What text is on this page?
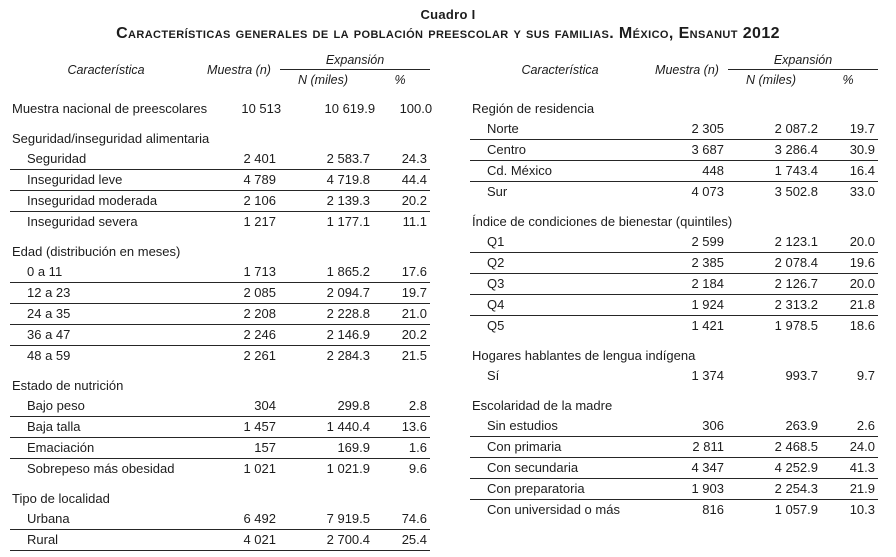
Cuadro I
Características generales de la población preescolar y sus familias. México, Ensanut 2012
Característica	Muestra (n)
Expansión
N (miles)	%
Muestra nacional de preescolares	10 513	10 619.9	100.0
Seguridad/inseguridad alimentaria
Seguridad	2 401	2 583.7	24.3
Inseguridad leve	4 789	4 719.8	44.4
Inseguridad moderada	2 106	2 139.3	20.2
Inseguridad severa	1 217	1 177.1	11.1
Edad (distribución en meses)
0 a 11	1 713	1 865.2	17.6
12 a 23	2 085	2 094.7	19.7
24 a 35	2 208	2 228.8	21.0
36 a 47	2 246	2 146.9	20.2
48 a 59	2 261	2 284.3	21.5
Estado de nutrición
Bajo peso	304	299.8	2.8
Baja talla	1 457	1 440.4	13.6
Emaciación	157	169.9	1.6
Sobrepeso más obesidad	1 021	1 021.9	9.6
Tipo de localidad
Urbana	6 492	7 919.5	74.6
Rural	4 021	2 700.4	25.4
Característica	Muestra (n)
Expansión
N (miles)	%
Región de residencia
Norte	2 305	2 087.2	19.7
Centro	3 687	3 286.4	30.9
Cd. México	448	1 743.4	16.4
Sur	4 073	3 502.8	33.0
Índice de condiciones de bienestar (quintiles)
Q1	2 599	2 123.1	20.0
Q2	2 385	2 078.4	19.6
Q3	2 184	2 126.7	20.0
Q4	1 924	2 313.2	21.8
Q5	1 421	1 978.5	18.6
Hogares hablantes de lengua indígena
Sí	1 374	993.7	9.7
Escolaridad de la madre
Sin estudios	306	263.9	2.6
Con primaria	2 811	2 468.5	24.0
Con secundaria	4 347	4 252.9	41.3
Con preparatoria	1 903	2 254.3	21.9
Con universidad o más	816	1 057.9	10.3
